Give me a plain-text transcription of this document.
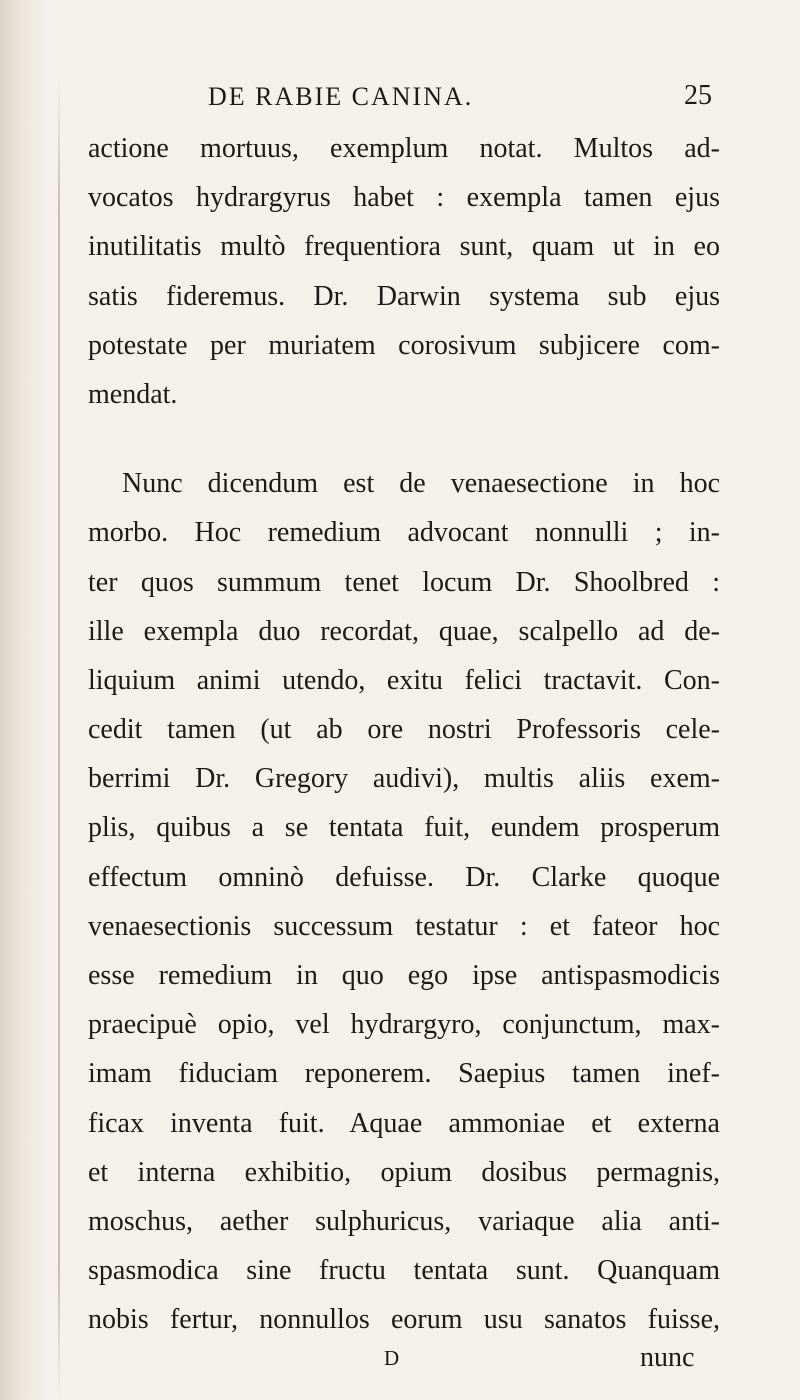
DE RABIE CANINA.	25
actione mortuus, exemplum notat. Multos ad-
vocatos hydrargyrus habet : exempla tamen ejus
inutilitatis multò frequentiora sunt, quam ut in eo
satis fideremus. Dr. Darwin systema sub ejus
potestate per muriatem corosivum subjicere com-
mendat.
Nunc dicendum est de venaesectione in hoc
morbo. Hoc remedium advocant nonnulli ; in-
ter quos summum tenet locum Dr. Shoolbred :
ille exempla duo recordat, quae, scalpello ad de-
liquium animi utendo, exitu felici tractavit. Con-
cedit tamen (ut ab ore nostri Professoris cele-
berrimi Dr. Gregory audivi), multis aliis exem-
plis, quibus a se tentata fuit, eundem prosperum
effectum omninò defuisse. Dr. Clarke quoque
venaesectionis successum testatur : et fateor hoc
esse remedium in quo ego ipse antispasmodicis
praecipuè opio, vel hydrargyro, conjunctum, max-
imam fiduciam reponerem. Saepius tamen inef-
ficax inventa fuit. Aquae ammoniae et externa
et interna exhibitio, opium dosibus permagnis,
moschus, aether sulphuricus, variaque alia anti-
spasmodica sine fructu tentata sunt. Quanquam
nobis fertur, nonnullos eorum usu sanatos fuisse,
D	nunc
